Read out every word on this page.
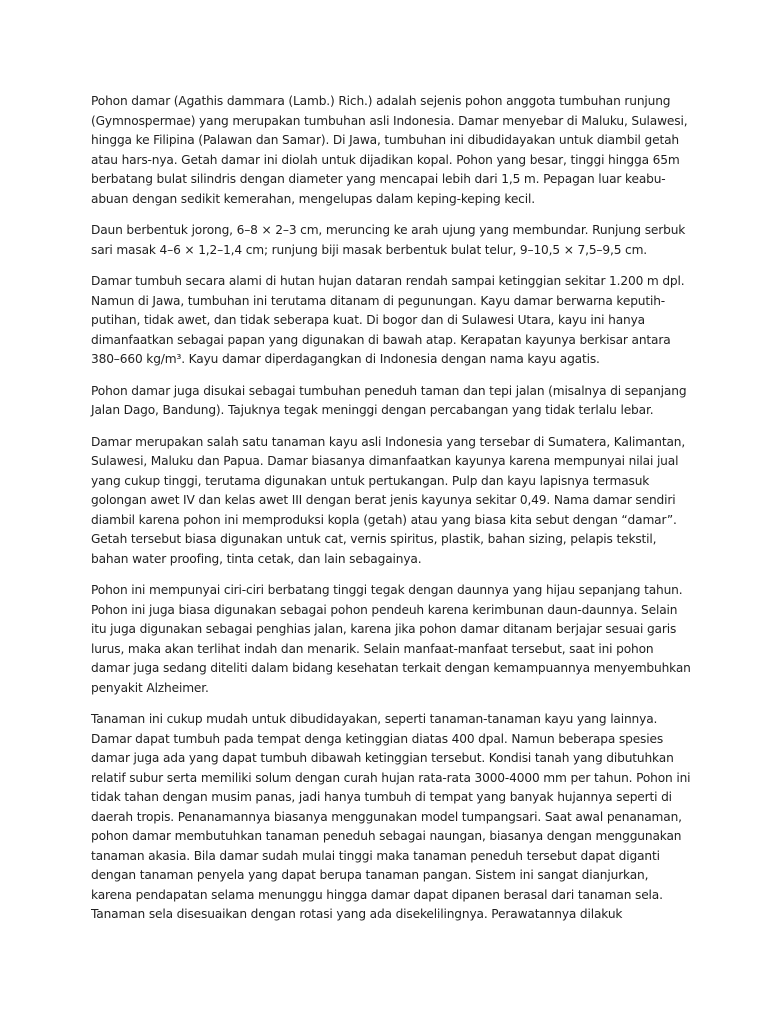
Pohon damar (Agathis dammara (Lamb.) Rich.) adalah sejenis pohon anggota tumbuhan runjung (Gymnospermae) yang merupakan tumbuhan asli Indonesia. Damar menyebar di Maluku, Sulawesi, hingga ke Filipina (Palawan dan Samar). Di Jawa, tumbuhan ini dibudidayakan untuk diambil getah atau hars-nya. Getah damar ini diolah untuk dijadikan kopal. Pohon yang besar, tinggi hingga 65m berbatang bulat silindris dengan diameter yang mencapai lebih dari 1,5 m. Pepagan luar keabu-abuan dengan sedikit kemerahan, mengelupas dalam keping-keping kecil.

Daun berbentuk jorong, 6–8 × 2–3 cm, meruncing ke arah ujung yang membundar. Runjung serbuk sari masak 4–6 × 1,2–1,4 cm; runjung biji masak berbentuk bulat telur, 9–10,5 × 7,5–9,5 cm.

Damar tumbuh secara alami di hutan hujan dataran rendah sampai ketinggian sekitar 1.200 m dpl. Namun di Jawa, tumbuhan ini terutama ditanam di pegunungan. Kayu damar berwarna keputih-putihan, tidak awet, dan tidak seberapa kuat. Di bogor dan di Sulawesi Utara, kayu ini hanya dimanfaatkan sebagai papan yang digunakan di bawah atap. Kerapatan kayunya berkisar antara 380–660 kg/m³. Kayu damar diperdagangkan di Indonesia dengan nama kayu agatis.

Pohon damar juga disukai sebagai tumbuhan peneduh taman dan tepi jalan (misalnya di sepanjang Jalan Dago, Bandung). Tajuknya tegak meninggi dengan percabangan yang tidak terlalu lebar.

Damar merupakan salah satu tanaman kayu asli Indonesia yang tersebar di Sumatera, Kalimantan, Sulawesi, Maluku dan Papua. Damar biasanya dimanfaatkan kayunya karena mempunyai nilai jual yang cukup tinggi, terutama digunakan untuk pertukangan. Pulp dan kayu lapisnya termasuk golongan awet IV dan kelas awet III dengan berat jenis kayunya sekitar 0,49. Nama damar sendiri diambil karena pohon ini memproduksi kopla (getah) atau yang biasa kita sebut dengan “damar”. Getah tersebut biasa digunakan untuk cat, vernis spiritus, plastik, bahan sizing, pelapis tekstil, bahan water proofing, tinta cetak, dan lain sebagainya.

Pohon ini mempunyai ciri-ciri berbatang tinggi tegak dengan daunnya yang hijau sepanjang tahun. Pohon ini juga biasa digunakan sebagai pohon pendeuh karena kerimbunan daun-daunnya. Selain itu juga digunakan sebagai penghias jalan, karena jika pohon damar ditanam berjajar sesuai garis lurus, maka akan terlihat indah dan menarik. Selain manfaat-manfaat tersebut, saat ini pohon damar juga sedang diteliti dalam bidang kesehatan terkait dengan kemampuannya menyembuhkan penyakit Alzheimer.

Tanaman ini cukup mudah untuk dibudidayakan, seperti tanaman-tanaman kayu yang lainnya. Damar dapat tumbuh pada tempat denga ketinggian diatas 400 dpal. Namun beberapa spesies damar juga ada yang dapat tumbuh dibawah ketinggian tersebut. Kondisi tanah yang dibutuhkan relatif subur serta memiliki solum dengan curah hujan rata-rata 3000-4000 mm per tahun. Pohon ini tidak tahan dengan musim panas, jadi hanya tumbuh di tempat yang banyak hujannya seperti di daerah tropis. Penanamannya biasanya menggunakan model tumpangsari. Saat awal penanaman, pohon damar membutuhkan tanaman peneduh sebagai naungan, biasanya dengan menggunakan tanaman akasia. Bila damar sudah mulai tinggi maka tanaman peneduh tersebut dapat diganti dengan tanaman penyela yang dapat berupa tanaman pangan. Sistem ini sangat dianjurkan, karena pendapatan selama menunggu hingga damar dapat dipanen berasal dari tanaman sela. Tanaman sela disesuaikan dengan rotasi yang ada disekelilingnya. Perawatannya dilakuk
